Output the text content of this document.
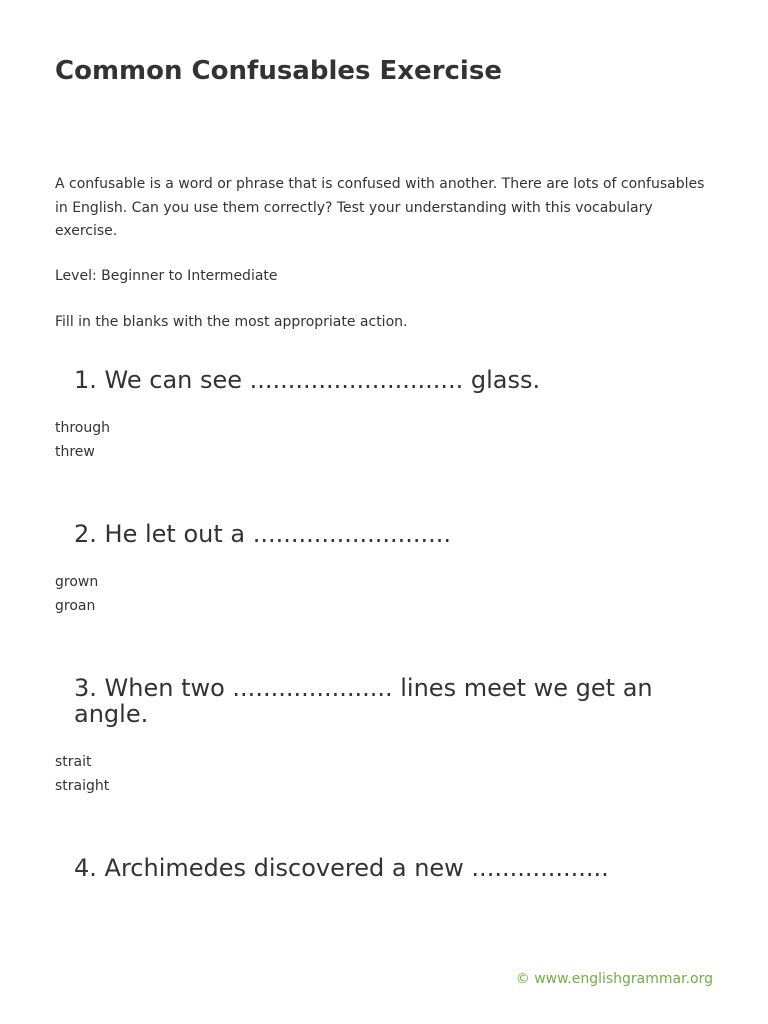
Common Confusables Exercise

A confusable is a word or phrase that is confused with another. There are lots of confusables in English. Can you use them correctly? Test your understanding with this vocabulary exercise.

Level: Beginner to Intermediate

Fill in the blanks with the most appropriate action.

1. We can see ............................ glass.

through
threw

2. He let out a ..........................

grown
groan

3. When two ..................... lines meet we get an angle.

strait
straight

4. Archimedes discovered a new ..................

© www.englishgrammar.org
